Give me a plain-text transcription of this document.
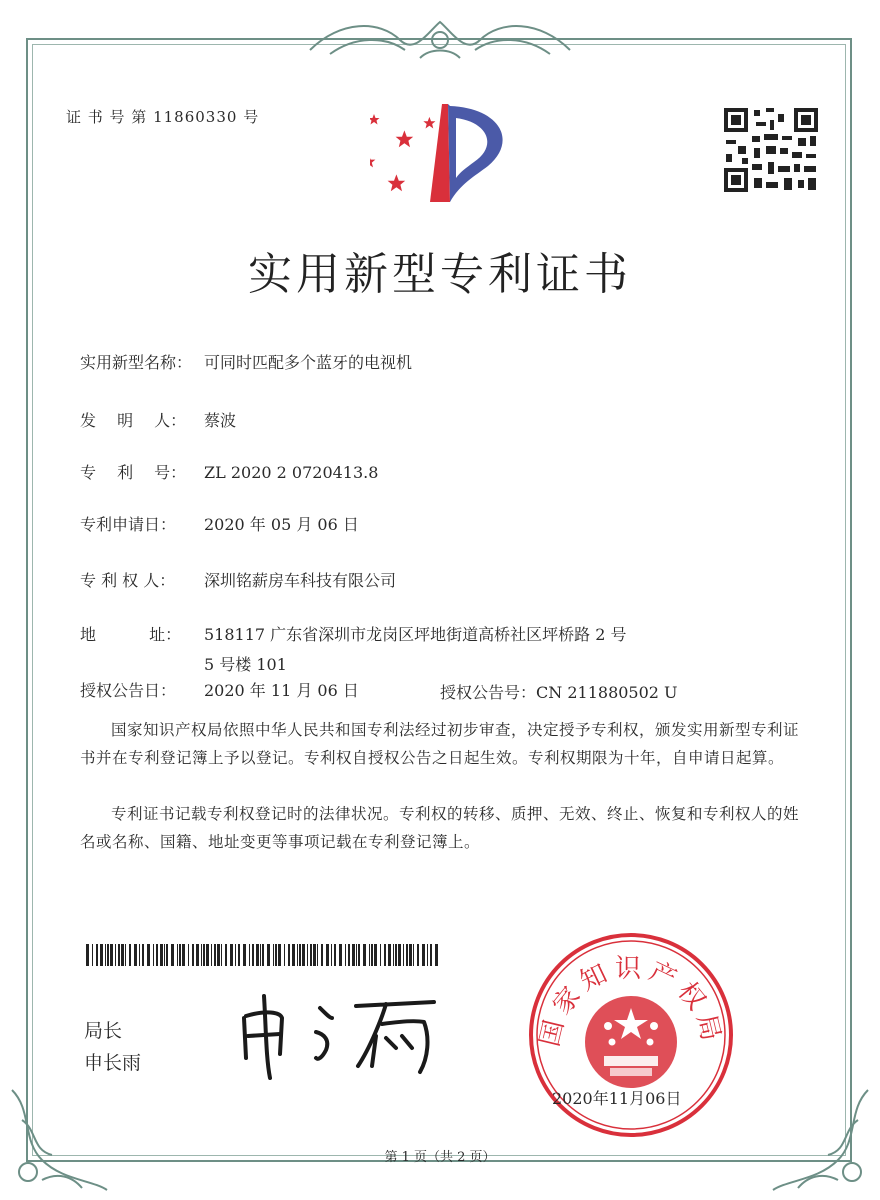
证 书 号 第 11860330 号
实用新型专利证书
实用新型名称： 可同时匹配多个蓝牙的电视机
发　 明 　人： 蔡波
专 　利 　号： ZL 2020 2 0720413.8
专利申请日： 2020 年 05 月 06 日
专 利 权 人： 深圳铭薪房车科技有限公司
地　　　 址： 518117 广东省深圳市龙岗区坪地街道高桥社区坪桥路 2 号
5 号楼 101
授权公告日： 2020 年 11 月 06 日	授权公告号：CN 211880502 U
国家知识产权局依照中华人民共和国专利法经过初步审查，决定授予专利权，颁发实用新型专利证书并在专利登记簿上予以登记。专利权自授权公告之日起生效。专利权期限为十年，自申请日起算。
专利证书记载专利权登记时的法律状况。专利权的转移、质押、无效、终止、恢复和专利权人的姓名或名称、国籍、地址变更等事项记载在专利登记簿上。
局长
申长雨
国家知识产权局
2020年11月06日
第 1 页（共 2 页）
